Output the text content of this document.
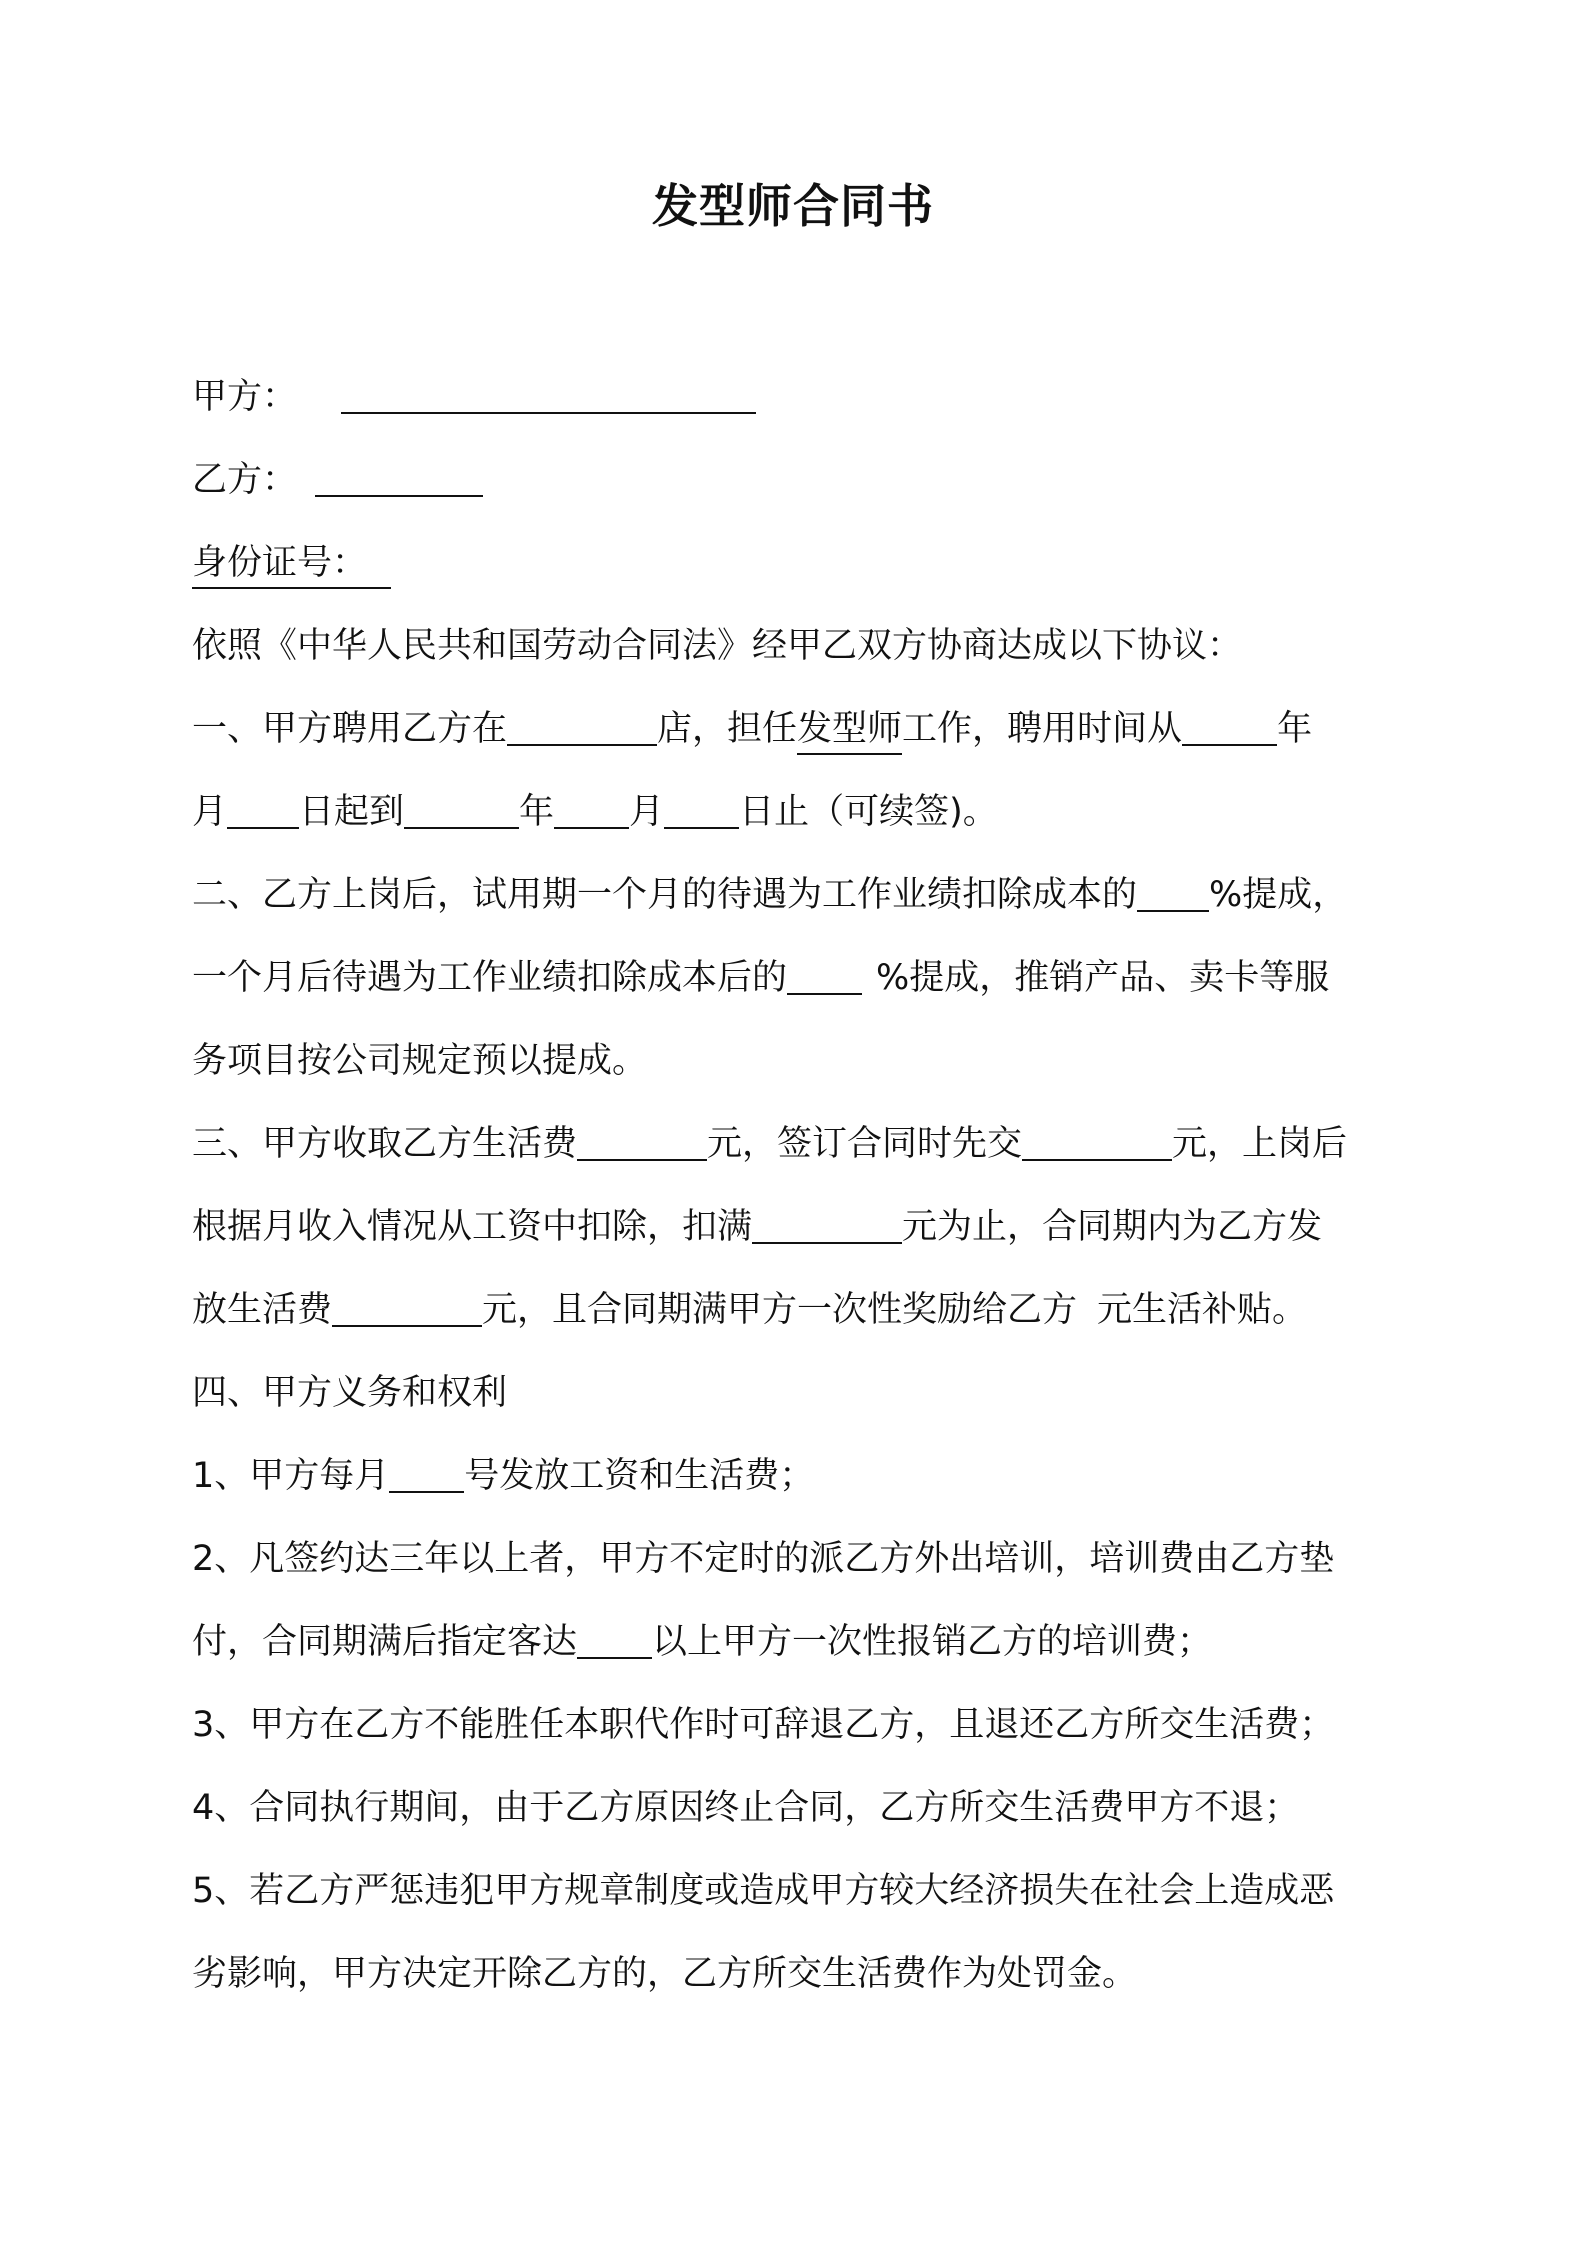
发型师合同书
甲方：
乙方：
身份证号：
依照《中华人民共和国劳动合同法》经甲乙双方协商达成以下协议：
一、甲方聘用乙方在	店，担任发型师工作，聘用时间从	年
月 日起到	年 月 日止（可续签)。
二、乙方上岗后，试用期一个月的待遇为工作业绩扣除成本的 %提成，
一个月后待遇为工作业绩扣除成本后的	%提成，推销产品、卖卡等服
务项目按公司规定预以提成。
三、甲方收取乙方生活费	元，签订合同时先交	元，上岗后
根据月收入情况从工资中扣除，扣满	元为止，合同期内为乙方发
放生活费	元，且合同期满甲方一次性奖励给乙方 元生活补贴。
四、甲方义务和权利
1、甲方每月 号发放工资和生活费；
2、凡签约达三年以上者，甲方不定时的派乙方外出培训，培训费由乙方垫
付，合同期满后指定客达 以上甲方一次性报销乙方的培训费；
3、甲方在乙方不能胜任本职代作时可辞退乙方，且退还乙方所交生活费；
4、合同执行期间，由于乙方原因终止合同，乙方所交生活费甲方不退；
5、若乙方严惩违犯甲方规章制度或造成甲方较大经济损失在社会上造成恶
劣影响，甲方决定开除乙方的，乙方所交生活费作为处罚金。
